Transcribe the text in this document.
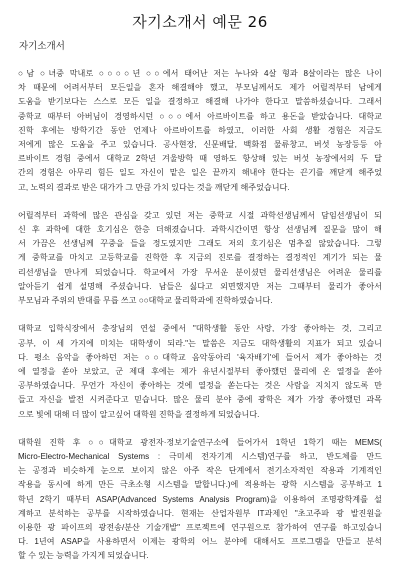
자기소개서 예문 26
자기소개서
○남 ○녀중 막내로 ○○○○년 ○○에서 태어난 저는 누나와 4살 형과 8살이라는 많은 나이
차 때문에 어려서부터 모든일을 혼자 해결해야 했고, 부모님께서도 제가 어릴적부터 남에게
도움을 받기보다는 스스로 모든 일을 결정하고 해결해 나가야 한다고 말씀하셨습니다. 그래서
중학교 때부터 아버님이 경영하시던 ○○○에서 아르바이트를 하고 용돈을 받았습니다. 대학교
진학 후에는 방학기간 동안 언제나 아르바이트를 하였고, 이러한 사회 생활 경험은 지금도
저에게 많은 도움을 주고 있습니다. 공사현장, 신문배달, 백화점 물류창고, 버섯 농장등등 아
르바이트 경험 중에서 대학교 2학년 겨울방학 때 영하도 항상해 있는 버섯 농장에서의 두 달
간의 경험은 아무리 힘든 일도 자신이 맡은 일은 끝까지 해내야 한다는 끈기를 깨닫게 해주었
고, 노력의 결과로 받은 대가가 그 만큼 가치 있다는 것을 깨닫게 해주었습니다.
어릴적부터 과학에 많은 관심을 갖고 있던 저는 중학교 시절 과학선생님께서 담임선생님이 되
신 후 과학에 대한 호기심은 한층 더해졌습니다. 과학시간이면 항상 선생님께 질문을 많이 해
서 가끔은 선생님께 꾸중을 들을 정도였지만 그래도 저의 호기심은 멈추질 않았습니다. 그렇
게 중학교를 마치고 고등학교를 진학한 후 지금의 진로를 결정하는 결정적인 계기가 되는 물
리선생님을 만나게 되었습니다. 학교에서 가장 무서운 분이셨던 물리선생님은 어려운 물리를
알아듣기 쉽게 설명해 주셨습니다. 남들은 싫다고 외면했지만 저는 그때부터 물리가 좋아서
부모님과 주위의 반대를 무릅 쓰고 ○○대학교 물리학과에 진학하였습니다.
대학교 입학식장에서 총장님의 연설 중에서 "대학생활 동안 사랑, 가장 좋아하는 것, 그리고
공부, 이 세 가지에 미치는 대학생이 되라."는 말씀은 지금도 대학생활의 지표가 되고 있습니
다. 평소 음악을 좋아하던 저는 ○○대학교 음악동아리 '육자배기'에 들어서 제가 좋아하는 것
에 열정을 쏟아 보았고, 군 제대 후에는 제가 유년시절부터 좋아했던 물리에 온 열정을 쏟아
공부하였습니다. 무언가 자신이 좋아하는 것에 열정을 쏟는다는 것은 사람을 지치지 않도록 만
들고 자신을 발전 시켜준다고 믿습니다. 많은 물리 분야 중에 광학은 제가 가장 좋아했던 과목
으로 빛에 대해 더 많이 알고싶어 대학원 진학을 결정하게 되었습니다.
대학원 진학 후 ○○대학교 광전자·정보기술연구소에 들어가서 1학년 1학기 때는 MEMS(
Micro-Electro-Mechanical Systems : 극미세 전자기계 시스템)연구를 하고, 반도체를 만드
는 공정과 비슷하게 눈으로 보이지 않은 아주 작은 단계에서 전기소자적인 작용과 기계적인
작용을 동시에 하게 만든 극초소형 시스템을 말합니다.)에 적용하는 광학 시스템을 공부하고 1
학년 2학기 때부터 ASAP(Advanced Systems Analysis Program)을 이용하여 조명광학계를 설
계하고 분석하는 공부를 시작하였습니다. 현재는 산업자원부 IT과제인 "초고주파 광 발진원을
이용한 광 파이프의 광전송/분산 기술개발" 프로젝트에 연구원으로 참가하여 연구를 하고있습니
다. 1년여 ASAP을 사용하면서 이제는 광학의 어느 분야에 대해서도 프로그램을 만들고 분석
할 수 있는 능력을 가지게 되었습니다.
